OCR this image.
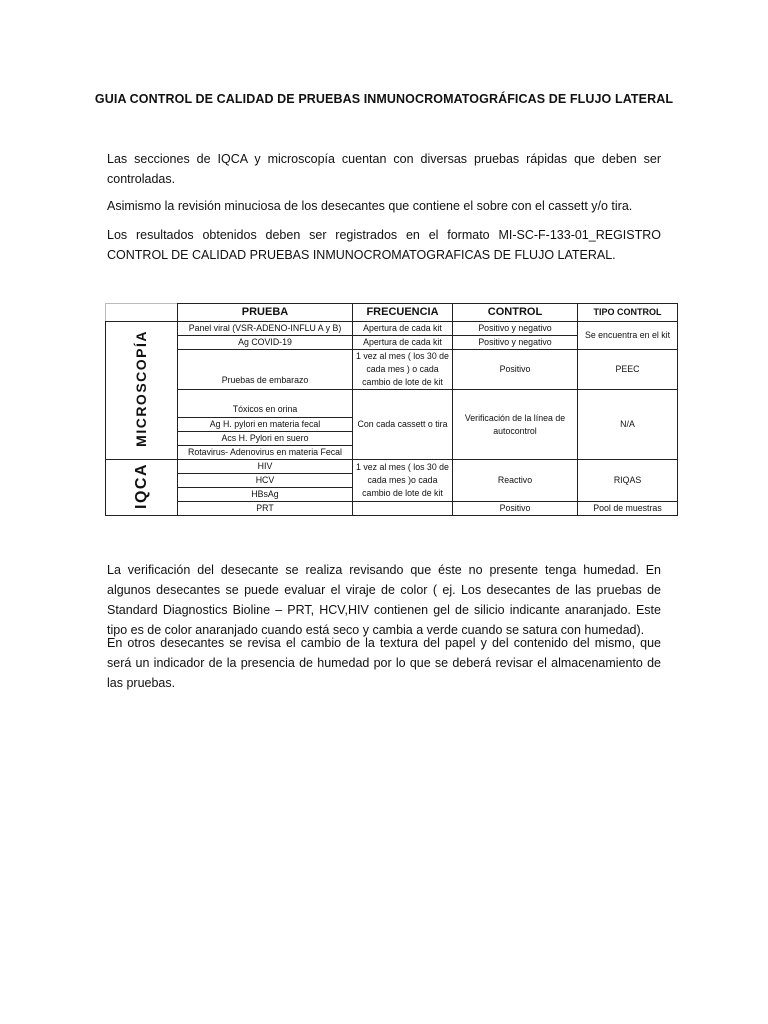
GUIA CONTROL DE CALIDAD DE PRUEBAS INMUNOCROMATOGRÁFICAS DE FLUJO LATERAL
Las secciones de IQCA y microscopía cuentan con diversas pruebas rápidas que deben ser controladas.
Asimismo la revisión minuciosa de los desecantes que contiene el sobre con el cassett y/o tira.
Los resultados obtenidos deben ser registrados en el formato MI-SC-F-133-01_REGISTRO CONTROL DE CALIDAD PRUEBAS INMUNOCROMATOGRAFICAS DE FLUJO LATERAL.
	PRUEBA	FRECUENCIA	CONTROL	TIPO CONTROL
MICROSCOPÍA	Panel viral (VSR-ADENO-INFLU A y B)	Apertura de cada kit	Positivo y negativo	Se encuentra en el kit
	Ag COVID-19	Apertura de cada kit	Positivo y negativo	
	Pruebas de embarazo	1 vez al mes ( los 30 de cada mes ) o cada cambio de lote de kit	Positivo	PEEC
	Tóxicos en orina	Con cada cassett o tira	Verificación de la línea de autocontrol	N/A
	Ag H. pylori en materia fecal			
	Acs H. Pylori en suero			
	Rotavirus- Adenovirus en materia Fecal			
IQCA	HIV	1 vez al mes ( los 30 de cada mes )o cada cambio de lote de kit	Reactivo	RIQAS
	HCV			
	HBsAg			
	PRT		Positivo	Pool de muestras
La verificación del desecante se realiza revisando que éste no presente tenga humedad. En algunos desecantes se puede evaluar el viraje de color ( ej. Los desecantes de las pruebas de Standard Diagnostics Bioline – PRT, HCV,HIV contienen gel de silicio indicante anaranjado. Este tipo es de color anaranjado cuando está seco y cambia a verde cuando se satura con humedad).
En otros desecantes se revisa el cambio de la textura del papel y del contenido del mismo, que será un indicador de la presencia de humedad por lo que se deberá revisar el almacenamiento de las pruebas.
